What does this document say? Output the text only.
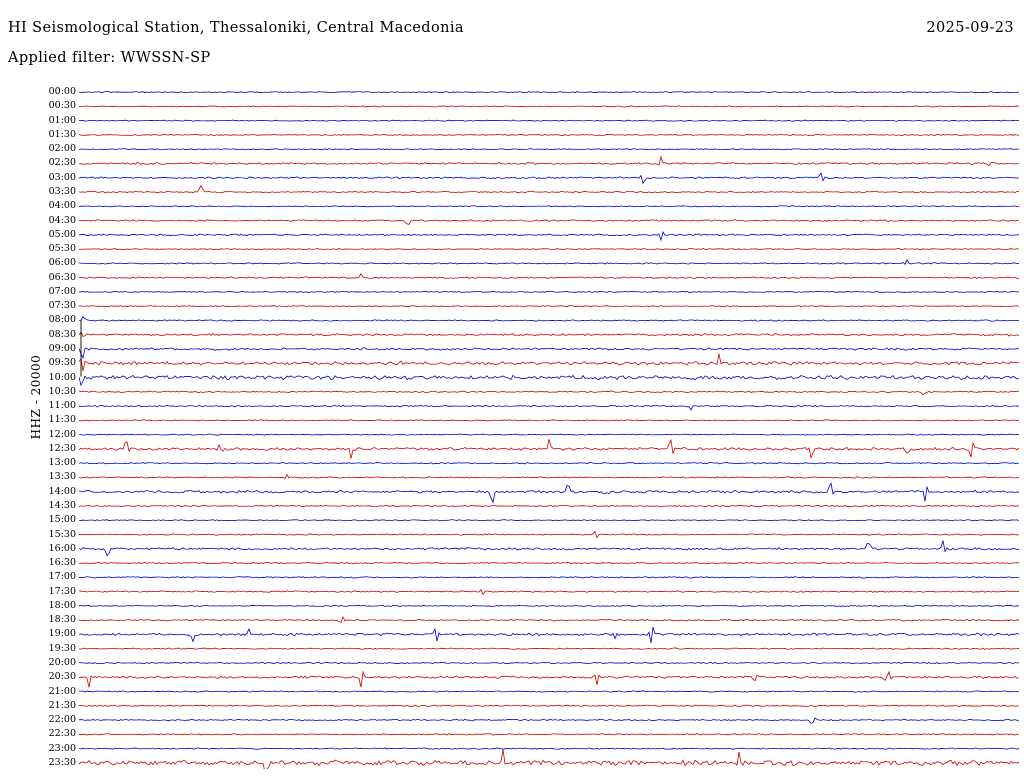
HI Seismological Station, Thessaloniki, Central Macedonia	2025-09-23
Applied filter: WWSSN-SP
HHZ - 20000
00:00
00:30
01:00
01:30
02:00
02:30
03:00
03:30
04:00
04:30
05:00
05:30
06:00
06:30
07:00
07:30
08:00
08:30
09:00
09:30
10:00
10:30
11:00
11:30
12:00
12:30
13:00
13:30
14:00
14:30
15:00
15:30
16:00
16:30
17:00
17:30
18:00
18:30
19:00
19:30
20:00
20:30
21:00
21:30
22:00
22:30
23:00
23:30
